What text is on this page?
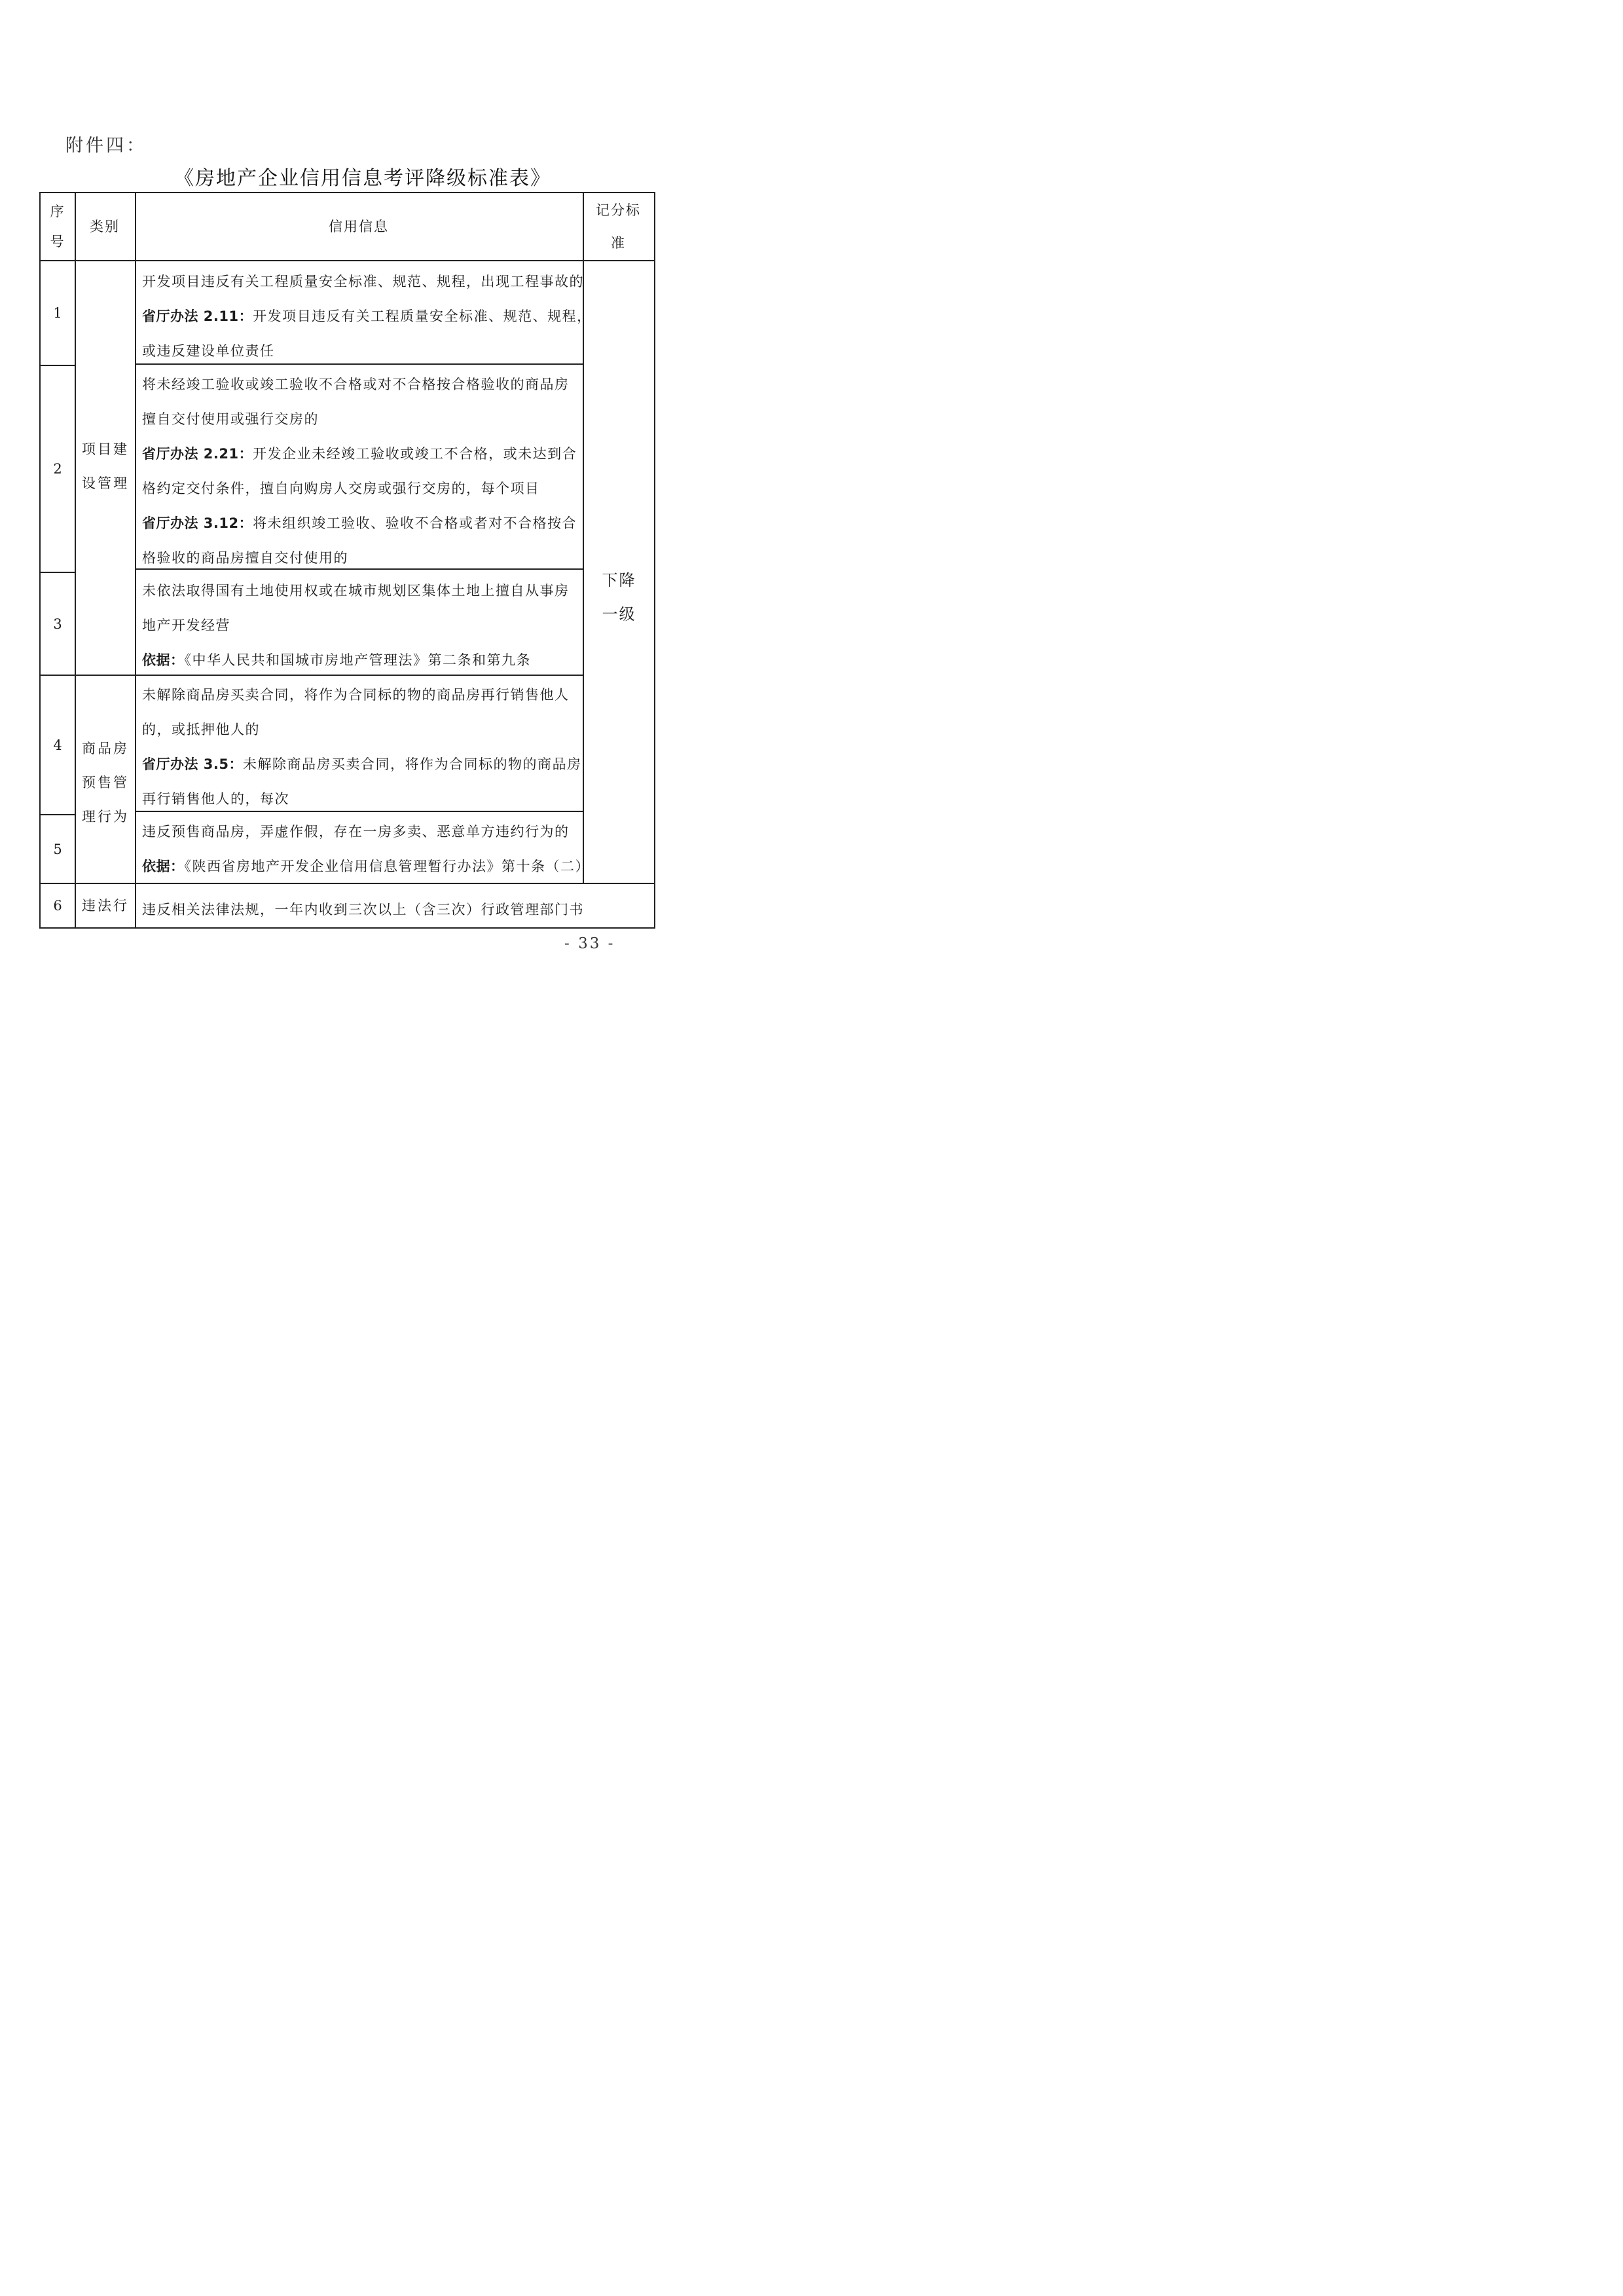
附件四：
《房地产企业信用信息考评降级标准表》
序
号
类别	信用信息
记分标
准
1
2
3
4
5
6
项目建
设管理
商品房
预售管
理行为
违法行

开发项目违反有关工程质量安全标准、规范、规程，出现工程事故的

省厅办法 2.11：开发项目违反有关工程质量安全标准、规范、规程，

或违反建设单位责任

将未经竣工验收或竣工验收不合格或对不合格按合格验收的商品房

擅自交付使用或强行交房的

省厅办法 2.21：开发企业未经竣工验收或竣工不合格，或未达到合

格约定交付条件，擅自向购房人交房或强行交房的，每个项目

省厅办法 3.12：将未组织竣工验收、验收不合格或者对不合格按合

格验收的商品房擅自交付使用的

未依法取得国有土地使用权或在城市规划区集体土地上擅自从事房

地产开发经营

依据：《中华人民共和国城市房地产管理法》第二条和第九条

未解除商品房买卖合同，将作为合同标的物的商品房再行销售他人

的，或抵押他人的

省厅办法 3.5：未解除商品房买卖合同，将作为合同标的物的商品房

再行销售他人的，每次

违反预售商品房，弄虚作假，存在一房多卖、恶意单方违约行为的

依据：《陕西省房地产开发企业信用信息管理暂行办法》第十条（二）

违反相关法律法规，一年内收到三次以上（含三次）行政管理部门书

下降
一级
- 33 -
